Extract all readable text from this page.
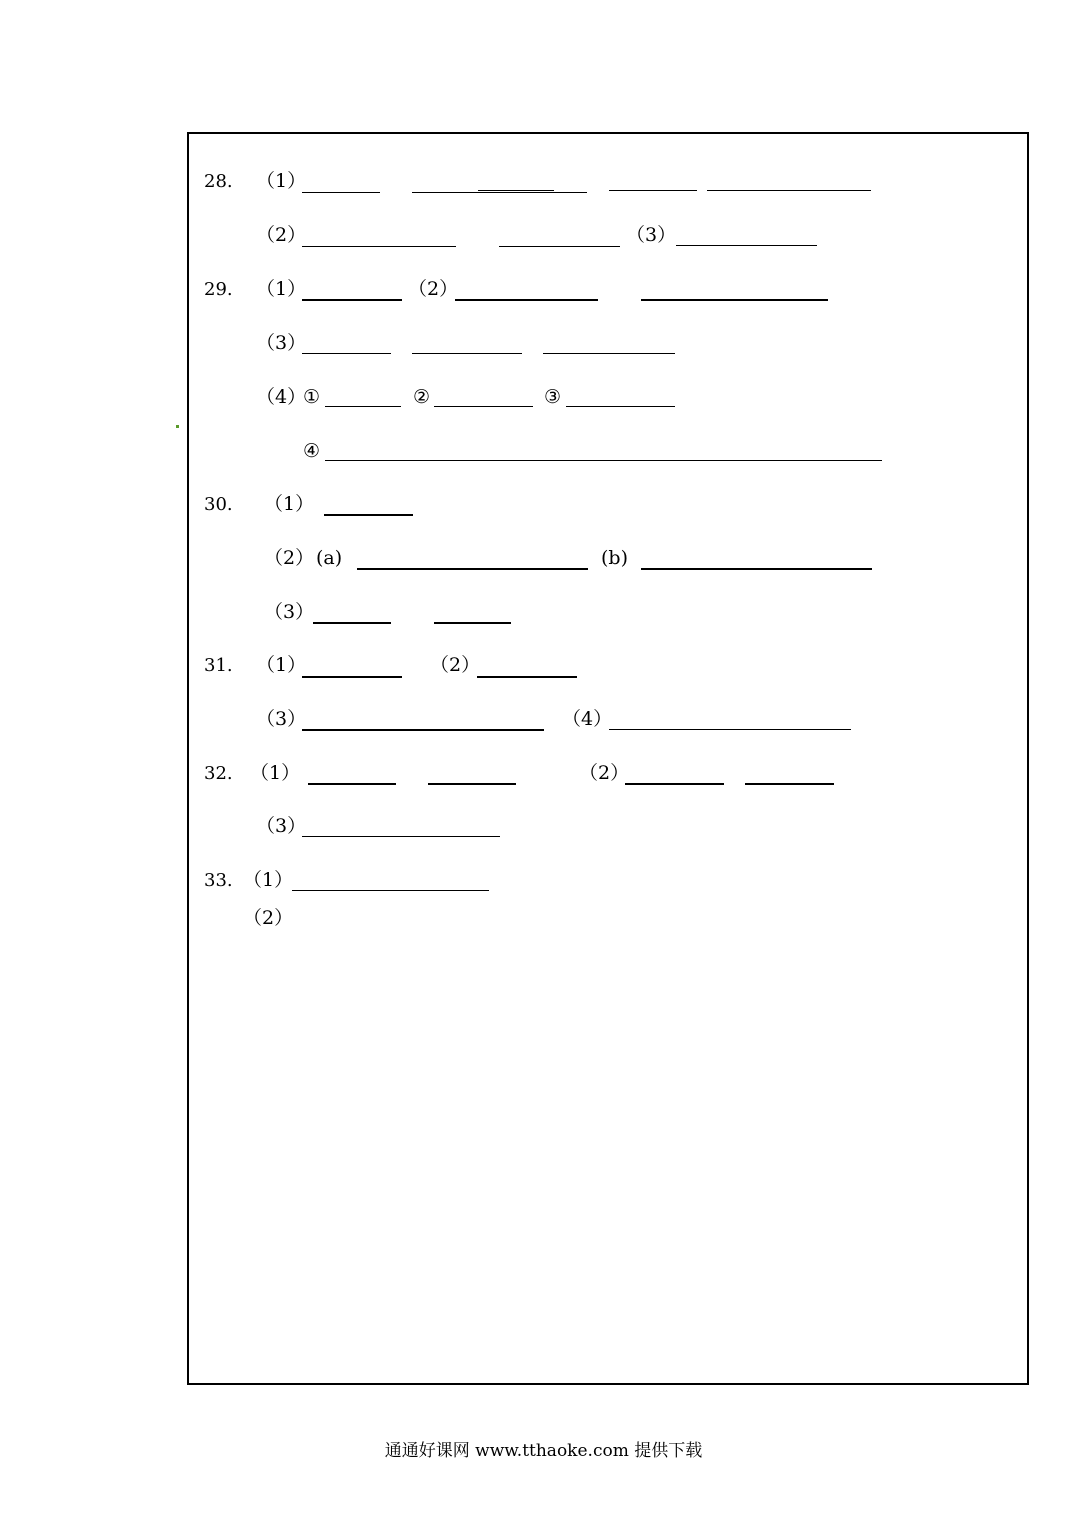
28. （1）
（2）	（3）
29. （1）	（2）
（3）
（4）
①	②	③
④
30. （1）
（2） (a)	(b)
（3）
31. （1）	（2）
（3）	（4）
32. （1）	（2）
（3）
33. （1）
（2）
通通好课网 www.tthaoke.com 提供下载
